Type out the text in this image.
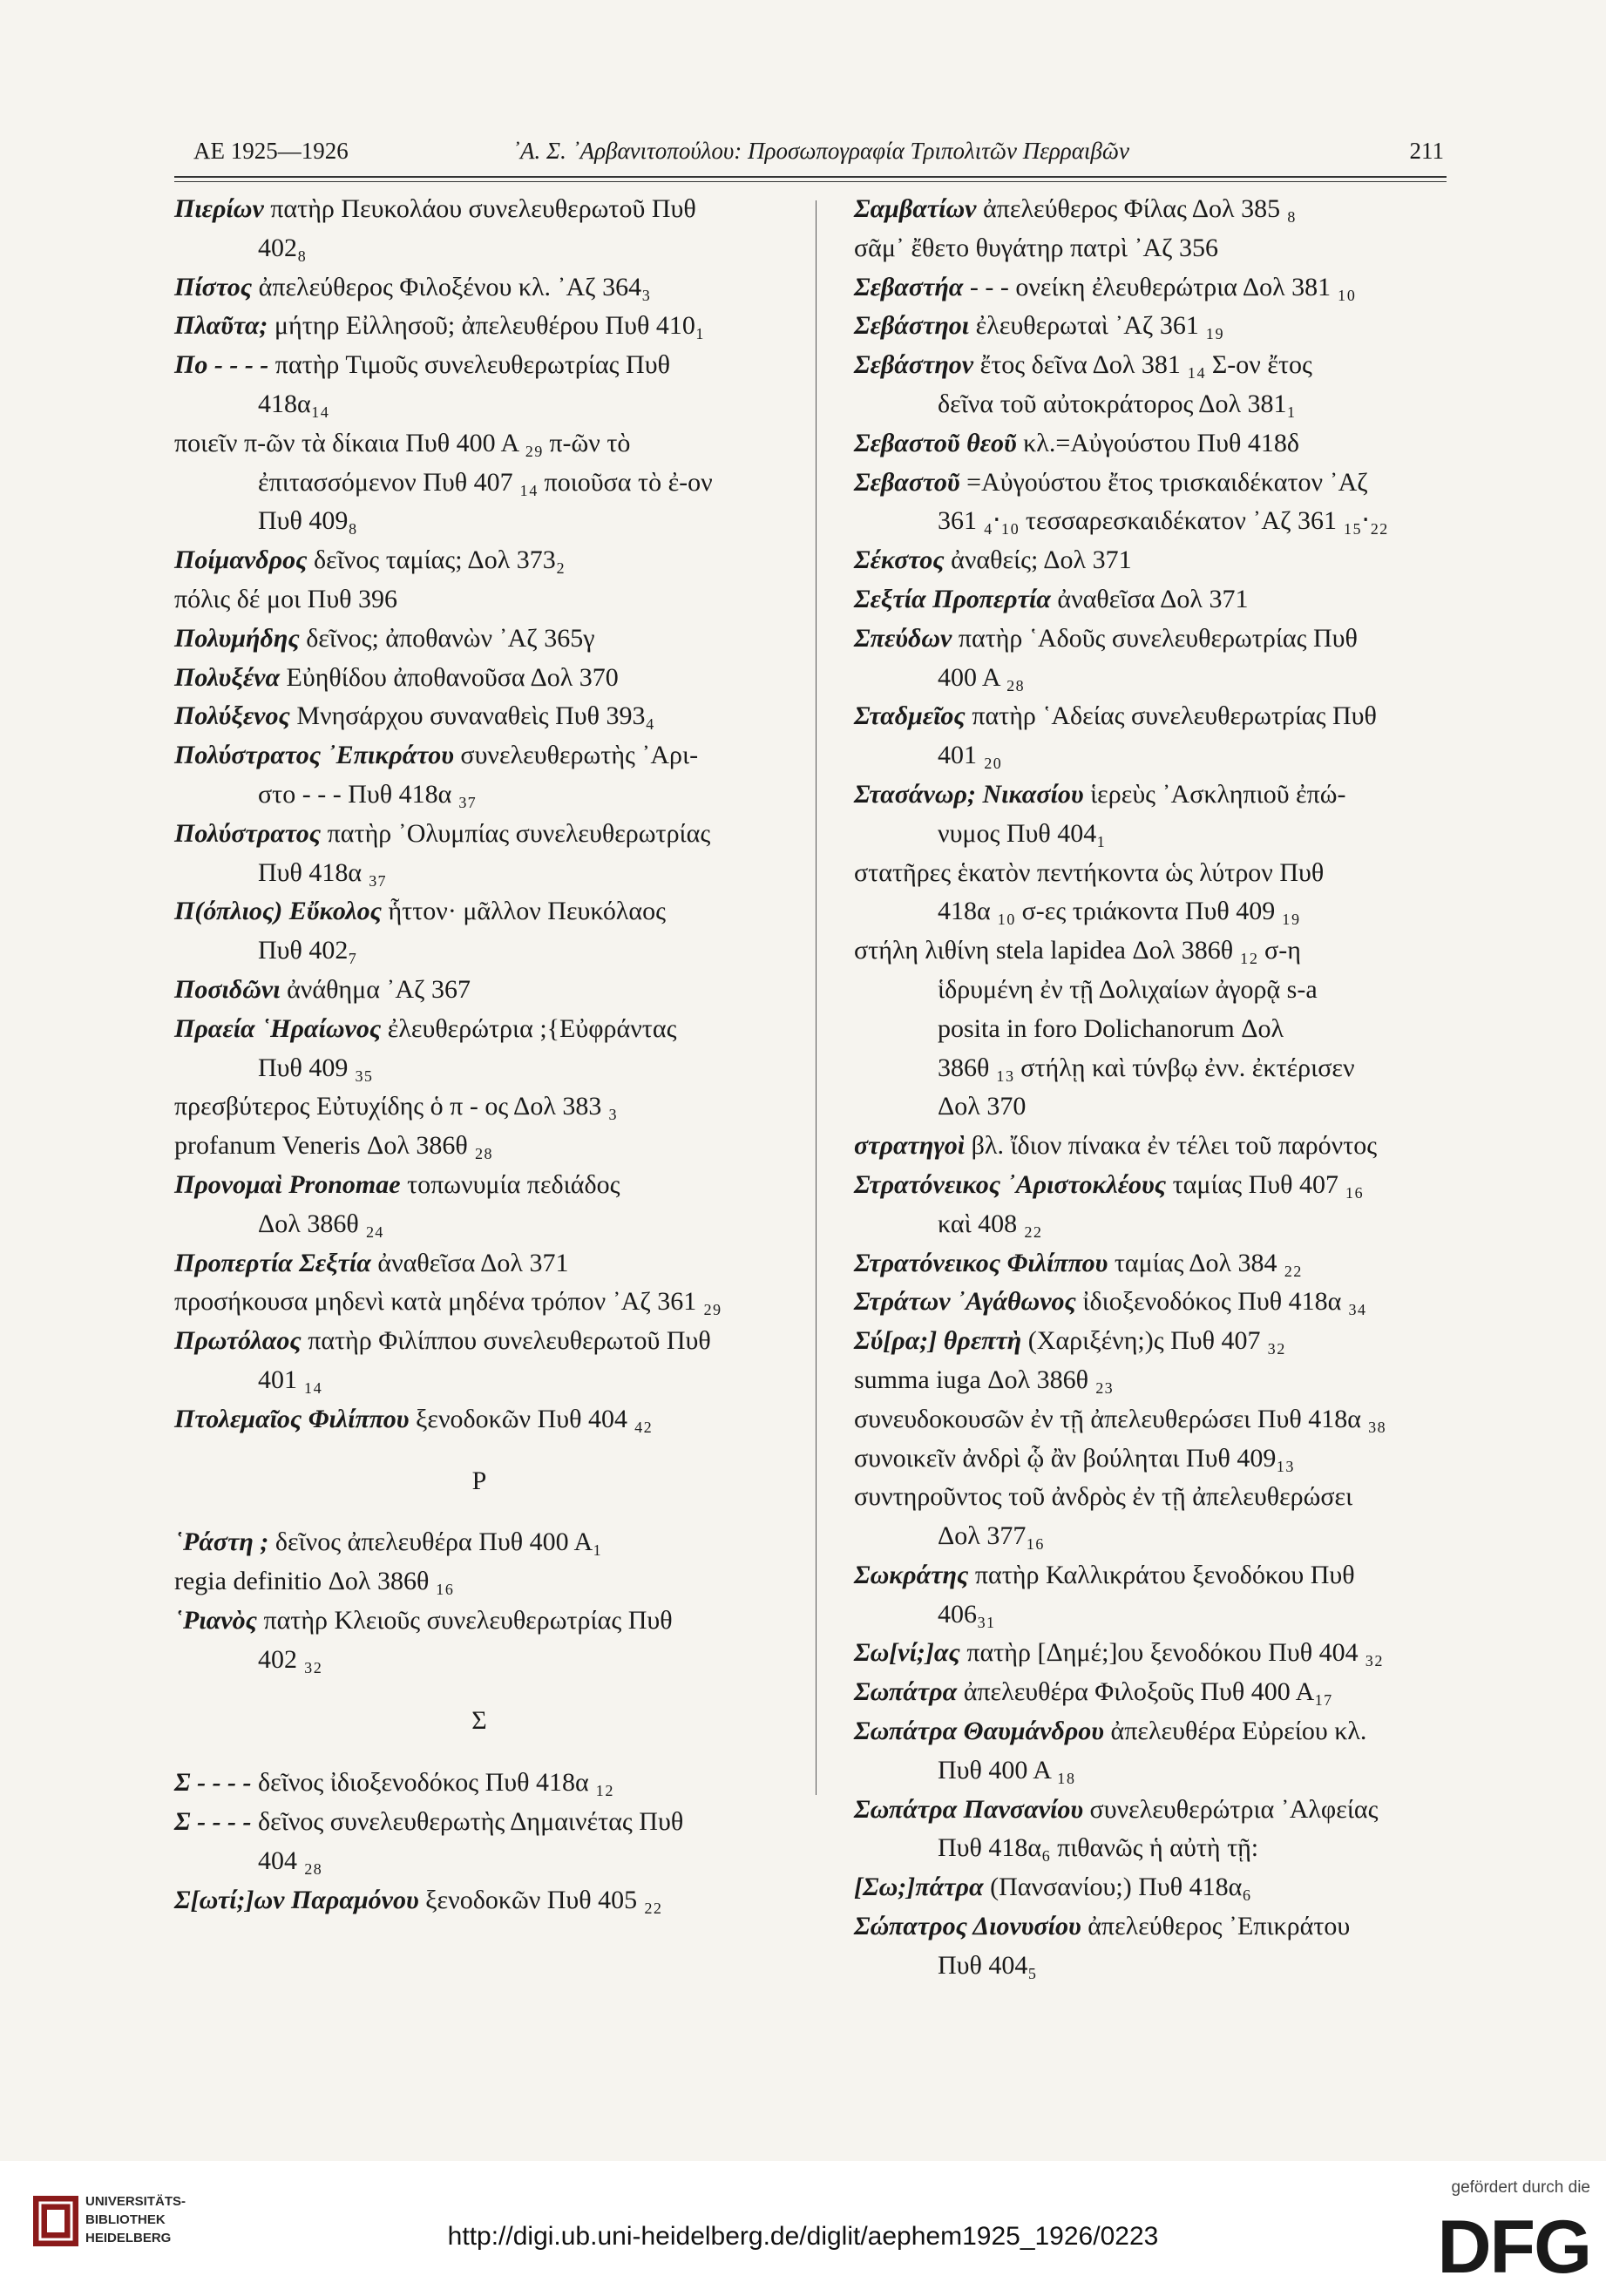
ΑΕ 1925—1926	᾿Α. Σ. ᾿Αρβανιτοπούλου: Προσωπογραφία Τριπολιτῶν Περραιβῶν	211
Πιερίων πατὴρ Πευκολάου συνελευθερωτοῦ Πυθ
402₈
Πίστος ἀπελεύθερος Φιλοξένου κλ. ᾿Αζ 364₃
Πλαῦτα; μήτηρ Εἰλλησοῦ; ἀπελευθέρου Πυθ 410₁
Πο - - - - πατὴρ Τιμοῦς συνελευθερωτρίας Πυθ
418α₁₄
ποιεῖν π-ῶν τὰ δίκαια Πυθ 400 Α ₂₉ π-ῶν τὸ
ἐπιτασσόμενον Πυθ 407 ₁₄ ποιοῦσα τὸ ἐ-ον
Πυθ 409₈
Ποίμανδρος δεῖνος ταμίας; Δολ 373₂
πόλις δέ μοι Πυθ 396
Πολυμήδης δεῖνος; ἀποθανὼν ᾿Αζ 365γ
Πολυξένα Εὐηθίδου ἀποθανοῦσα Δολ 370
Πολύξενος Μνησάρχου συναναθεὶς Πυθ 393₄
Πολύστρατος ᾿Επικράτου συνελευθερωτὴς ᾿Αρι-
στο - - - Πυθ 418α ₃₇
Πολύστρατος πατὴρ ᾿Ολυμπίας συνελευθερωτρίας
Πυθ 418α ₃₇
Π(όπλιος) Εὔκολος ἧττον· μᾶλλον Πευκόλαος
Πυθ 402₇
Ποσιδῶνι ἀνάθημα ᾿Αζ 367
Πραεία ῾Ηραίωνος ἐλευθερώτρια ;{Εὐφράντας
Πυθ 409 ₃₅
πρεσβύτερος Εὐτυχίδης ὁ π - ος Δολ 383 ₃
profanum Veneris Δολ 386θ ₂₈
Προνομαὶ Pronomae τοπωνυμία πεδιάδος
Δολ 386θ ₂₄
Προπερτία Σεξτία ἀναθεῖσα Δολ 371
προσήκουσα μηδενὶ κατὰ μηδένα τρόπον ᾿Αζ 361 ₂₉
Πρωτόλαος πατὴρ Φιλίππου συνελευθερωτοῦ Πυθ
401 ₁₄
Πτολεμαῖος Φιλίππου ξενοδοκῶν Πυθ 404 ₄₂
Ρ
῾Ράστη ; δεῖνος ἀπελευθέρα Πυθ 400 Α₁
regia definitio Δολ 386θ ₁₆
῾Ριανὸς πατὴρ Κλειοῦς συνελευθερωτρίας Πυθ
402 ₃₂
Σ
Σ - - - - δεῖνος ἰδιοξενοδόκος Πυθ 418α ₁₂
Σ - - - - δεῖνος συνελευθερωτὴς Δημαινέτας Πυθ
404 ₂₈
Σ[ωτί;]ων Παραμόνου ξενοδοκῶν Πυθ 405 ₂₂
Σαμβατίων ἀπελεύθερος Φίλας Δολ 385 ₈
σᾶμ᾿ ἔθετο θυγάτηρ πατρὶ ᾿Αζ 356
Σεβαστήα - - - ονείκη ἐλευθερώτρια Δολ 381 ₁₀
Σεβάστηοι ἐλευθερωταὶ ᾿Αζ 361 ₁₉
Σεβάστηον ἔτος δεῖνα Δολ 381 ₁₄ Σ-ον ἔτος
δεῖνα τοῦ αὐτοκράτορος Δολ 381₁
Σεβαστοῦ θεοῦ κλ.=Αὐγούστου Πυθ 418δ
Σεβαστοῦ =Αὐγούστου ἔτος τρισκαιδέκατον ᾿Αζ
361 ₄‧₁₀ τεσσαρεσκαιδέκατον ᾿Αζ 361 ₁₅‧₂₂
Σέκστος ἀναθείς; Δολ 371
Σεξτία Προπερτία ἀναθεῖσα Δολ 371
Σπεύδων πατὴρ ῾Αδοῦς συνελευθερωτρίας Πυθ
400 Α ₂₈
Σταδμεῖος πατὴρ ῾Αδείας συνελευθερωτρίας Πυθ
401 ₂₀
Στασάνωρ; Νικασίου ἱερεὺς ᾿Ασκληπιοῦ ἐπώ-
νυμος Πυθ 404₁
στατῆρες ἑκατὸν πεντήκοντα ὡς λύτρον Πυθ
418α ₁₀ σ-ες τριάκοντα Πυθ 409 ₁₉
στήλη λιθίνη stela lapidea Δολ 386θ ₁₂ σ-η
ἱδρυμένη ἐν τῇ Δολιχαίων ἀγορᾷ s-a
posita in foro Dolichanorum Δολ
386θ ₁₃ στήλῃ καὶ τύνβῳ ἐνν. ἐκτέρισεν
Δολ 370
στρατηγοὶ βλ. ἴδιον πίνακα ἐν τέλει τοῦ παρόντος
Στρατόνεικος ᾿Αριστοκλέους ταμίας Πυθ 407 ₁₆
καὶ 408 ₂₂
Στρατόνεικος Φιλίππου ταμίας Δολ 384 ₂₂
Στράτων ᾿Αγάθωνος ἰδιοξενοδόκος Πυθ 418α ₃₄
Σύ[ρα;] θρεπτὴ (Χαριξένη;)ς Πυθ 407 ₃₂
summa iuga Δολ 386θ ₂₃
συνευδοκουσῶν ἐν τῇ ἀπελευθερώσει Πυθ 418α ₃₈
συνοικεῖν ἀνδρὶ ᾧ ἂν βούληται Πυθ 409₁₃
συντηροῦντος τοῦ ἀνδρὸς ἐν τῇ ἀπελευθερώσει
Δολ 377₁₆
Σωκράτης πατὴρ Καλλικράτου ξενοδόκου Πυθ
406₃₁
Σω[νί;]ας πατὴρ [Δημέ;]ου ξενοδόκου Πυθ 404 ₃₂
Σωπάτρα ἀπελευθέρα Φιλοξοῦς Πυθ 400 Α₁₇
Σωπάτρα Θαυμάνδρου ἀπελευθέρα Εὐρείου κλ.
Πυθ 400 Α ₁₈
Σωπάτρα Πανσανίου συνελευθερώτρια ᾿Αλφείας
Πυθ 418α₆ πιθανῶς ἡ αὐτὴ τῇ:
[Σω;]πάτρα (Πανσανίου;) Πυθ 418α₆
Σώπατρος Διονυσίου ἀπελεύθερος ᾿Επικράτου
Πυθ 404₅
UNIVERSITÄTS-
BIBLIOTHEK
HEIDELBERG	http://digi.ub.uni-heidelberg.de/diglit/aephem1925_1926/0223
gefördert durch die
DFG
